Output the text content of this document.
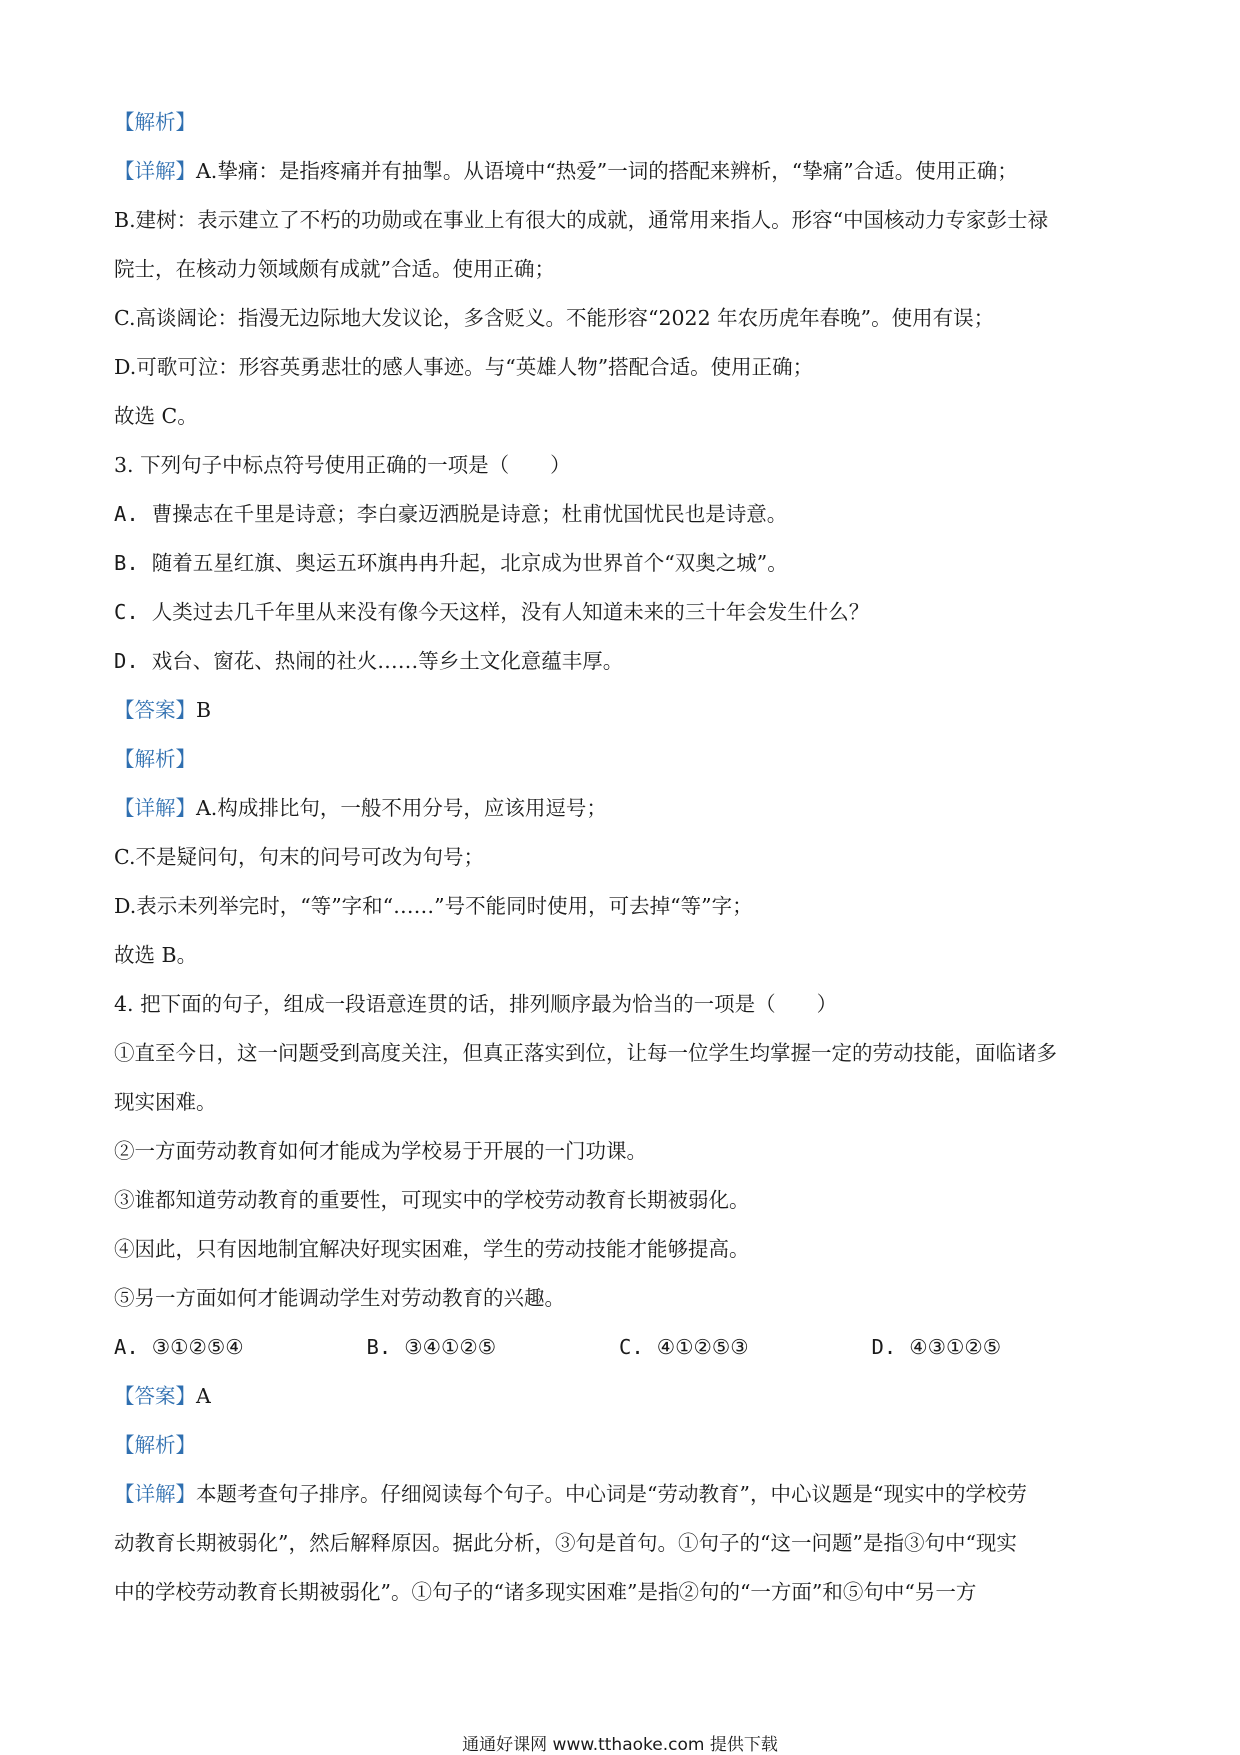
【解析】
【详解】A.挚痛：是指疼痛并有抽掣。从语境中“热爱”一词的搭配来辨析，“挚痛”合适。使用正确；
B.建树：表示建立了不朽的功勋或在事业上有很大的成就，通常用来指人。形容“中国核动力专家彭士禄
院士，在核动力领域颇有成就”合适。使用正确；
C.高谈阔论：指漫无边际地大发议论，多含贬义。不能形容“2022 年农历虎年春晚”。使用有误；
D.可歌可泣：形容英勇悲壮的感人事迹。与“英雄人物”搭配合适。使用正确；
故选 C。
3. 下列句子中标点符号使用正确的一项是（　　）
A. 曹操志在千里是诗意；李白豪迈洒脱是诗意；杜甫忧国忧民也是诗意。
B. 随着五星红旗、奥运五环旗冉冉升起，北京成为世界首个“双奥之城”。
C. 人类过去几千年里从来没有像今天这样，没有人知道未来的三十年会发生什么？
D. 戏台、窗花、热闹的社火……等乡土文化意蕴丰厚。
【答案】B
【解析】
【详解】A.构成排比句，一般不用分号，应该用逗号；
C.不是疑问句，句末的问号可改为句号；
D.表示未列举完时，“等”字和“……”号不能同时使用，可去掉“等”字；
故选 B。
4. 把下面的句子，组成一段语意连贯的话，排列顺序最为恰当的一项是（　　）
①直至今日，这一问题受到高度关注，但真正落实到位，让每一位学生均掌握一定的劳动技能，面临诸多
现实困难。
②一方面劳动教育如何才能成为学校易于开展的一门功课。
③谁都知道劳动教育的重要性，可现实中的学校劳动教育长期被弱化。
④因此，只有因地制宜解决好现实困难，学生的劳动技能才能够提高。
⑤另一方面如何才能调动学生对劳动教育的兴趣。
A. ③①②⑤④	B. ③④①②⑤	C. ④①②⑤③	D. ④③①②⑤
【答案】A
【解析】
【详解】本题考查句子排序。仔细阅读每个句子。中心词是“劳动教育”，中心议题是“现实中的学校劳
动教育长期被弱化”，然后解释原因。据此分析，③句是首句。①句子的“这一问题”是指③句中“现实
中的学校劳动教育长期被弱化”。①句子的“诸多现实困难”是指②句的“一方面”和⑤句中“另一方
通通好课网 www.tthaoke.com 提供下载
